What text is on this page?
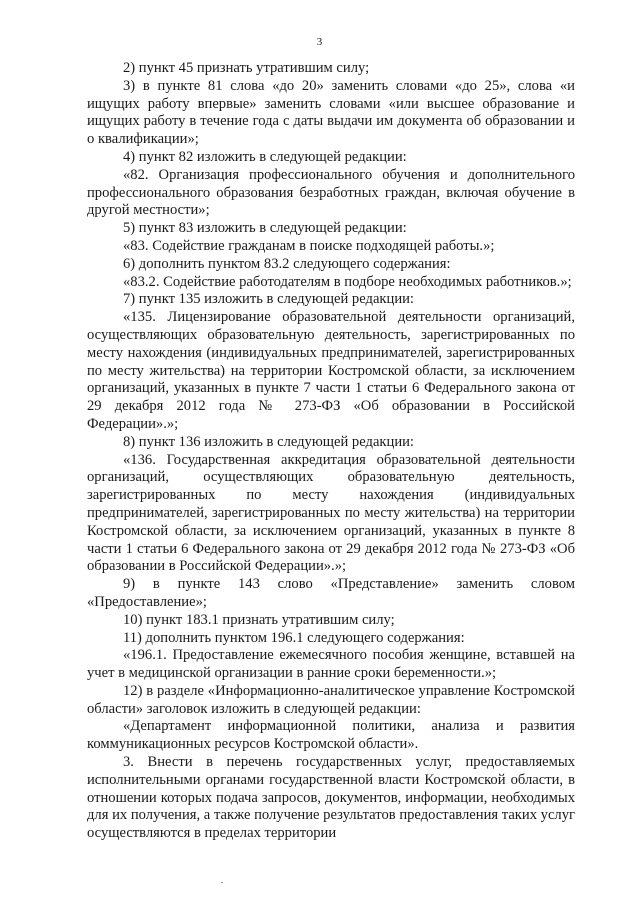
3

2) пункт 45 признать утратившим силу;

3) в пункте 81 слова «до 20» заменить словами «до 25», слова «и ищущих работу впервые» заменить словами «или высшее образование и ищущих работу в течение года с даты выдачи им документа об образовании и о квалификации»;

4) пункт 82 изложить в следующей редакции:

«82. Организация профессионального обучения и дополнительного профессионального образования безработных граждан, включая обучение в другой местности»;

5) пункт 83 изложить в следующей редакции:

«83. Содействие гражданам в поиске подходящей работы.»;

6) дополнить пунктом 83.2 следующего содержания:

«83.2. Содействие работодателям в подборе необходимых работников.»;

7) пункт 135 изложить в следующей редакции:

«135. Лицензирование образовательной деятельности организаций, осуществляющих образовательную деятельность, зарегистрированных по месту нахождения (индивидуальных предпринимателей, зарегистрированных по месту жительства) на территории Костромской области, за исключением организаций, указанных в пункте 7 части 1 статьи 6 Федерального закона от 29 декабря 2012 года № 273-ФЗ «Об образовании в Российской Федерации».»;

8) пункт 136 изложить в следующей редакции:

«136. Государственная аккредитация образовательной деятельности организаций, осуществляющих образовательную деятельность, зарегистрированных по месту нахождения (индивидуальных предпринимателей, зарегистрированных по месту жительства) на территории Костромской области, за исключением организаций, указанных в пункте 8 части 1 статьи 6 Федерального закона от 29 декабря 2012 года № 273-ФЗ «Об образовании в Российской Федерации».»;

9) в пункте 143 слово «Представление» заменить словом «Предоставление»;

10) пункт 183.1 признать утратившим силу;

11) дополнить пунктом 196.1 следующего содержания:

«196.1. Предоставление ежемесячного пособия женщине, вставшей на учет в медицинской организации в ранние сроки беременности.»;

12) в разделе «Информационно-аналитическое управление Костромской области» заголовок изложить в следующей редакции:

«Департамент информационной политики, анализа и развития коммуникационных ресурсов Костромской области».

3. Внести в перечень государственных услуг, предоставляемых исполнительными органами государственной власти Костромской области, в отношении которых подача запросов, документов, информации, необходимых для их получения, а также получение результатов предоставления таких услуг осуществляются в пределах территории
